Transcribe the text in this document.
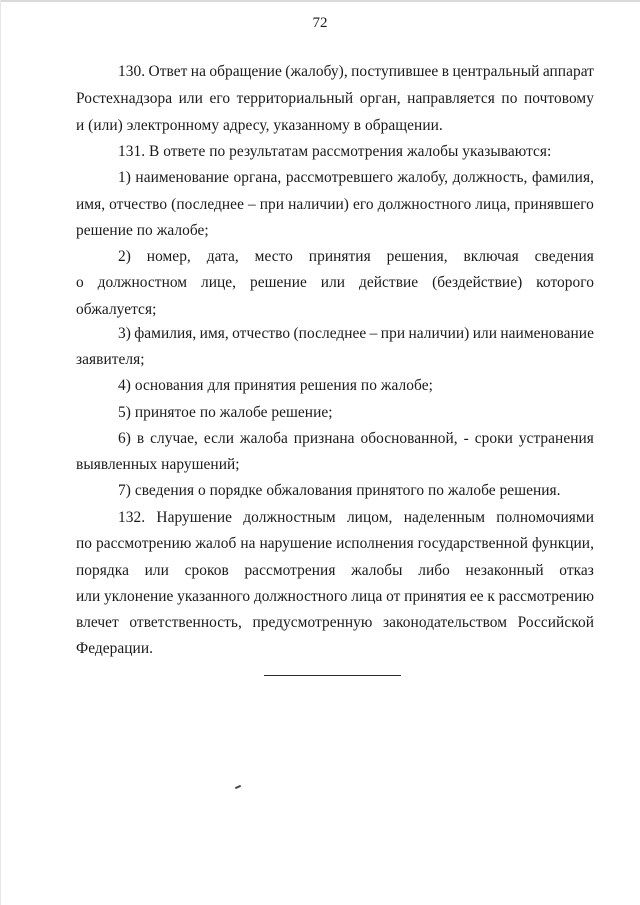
72
130. Ответ на обращение (жалобу), поступившее в центральный аппарат
Ростехнадзора или его территориальный орган, направляется по почтовому
и (или) электронному адресу, указанному в обращении.
131. В ответе по результатам рассмотрения жалобы указываются:
1) наименование органа, рассмотревшего жалобу, должность, фамилия,
имя, отчество (последнее – при наличии) его должностного лица, принявшего
решение по жалобе;
2) номер, дата, место принятия решения, включая сведения
о должностном лице, решение или действие (бездействие) которого
обжалуется;
3) фамилия, имя, отчество (последнее – при наличии) или наименование
заявителя;
4) основания для принятия решения по жалобе;
5) принятое по жалобе решение;
6) в случае, если жалоба признана обоснованной, - сроки устранения
выявленных нарушений;
7) сведения о порядке обжалования принятого по жалобе решения.
132. Нарушение должностным лицом, наделенным полномочиями
по рассмотрению жалоб на нарушение исполнения государственной функции,
порядка или сроков рассмотрения жалобы либо незаконный отказ
или уклонение указанного должностного лица от принятия ее к рассмотрению
влечет ответственность, предусмотренную законодательством Российской
Федерации.
